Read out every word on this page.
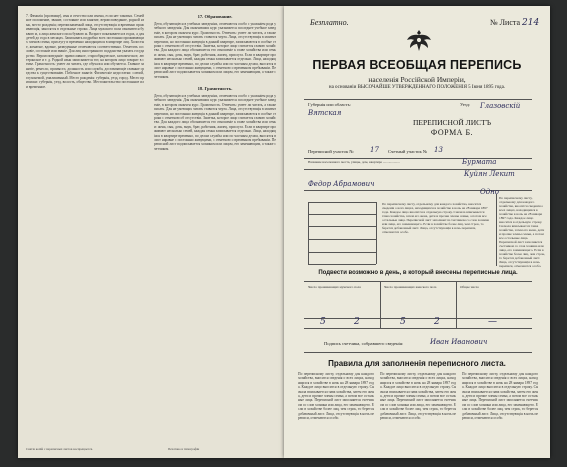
17. Образование.
7. Фамилія (прозвище), имя и отчество или имена, если нет таковых. Семейное положение, звание, состояние или занятие, вероисповедание, родной язык, место рожденія; переписываемый лица, отсутствующія и временно проживающія, заносятся в отдельные строки. Лица мужского пола означаются буквою м, а лица женского пола буквою ж. Возраст показывается в годах, а для детей до года в месяцах. Записывать подробно всех постоянно проживающих членов семьи, прислугу и временно находящихся в квартире лиц. Холостые, женатые, вдовые, разведенные отмечаются соответственно. Отметить сословіе, состояніе или званіе. Для лиц иностранного подданства указать государство. Вероисповеданіе: православное, старообрядческое, католическое, лютеранское и т. д. Родной язык записывается тот, на котором лицо говорит в семье. Грамотность: умеет ли читать, где обучался или обучается. Главное занятіе, ремесло, промысел, должность или служба, доставляющіе главные средства к существованію. Побочное занятіе. Физическіе недостатки: слепой, глухонемой, умалишенный. Место рожденія: губернія, уезд, город. Место приписки: губернія, уезд, волость, общество. Местожительство постоянное или временное.
Дети, обучающіеся в учебных заведеніях, отмечаются особо с указаніем рода учебного заведенія. Для окончивших курс указывается последнее учебное заведеніе, в котором окончен курс. Грамотность. Отвечать: умеет ли читать, а также писать. Для не умеющих читать ставится черта. Лица, отсутствующія в момент переписи, но постоянно живущія в данной квартире, записываются в особые строки с отметкою об отсутствіи. Заметка, которое лицо считается главою хозяйства. Для каждого лица обозначается его отношеніе к главе хозяйства или семьи: жена, сын, дочь, внук, брат, работник, жилец, прислуга. Если в квартире проживают несколько семей, каждая семья записывается отдельно. Лица, находящіяся в квартире временно, по делам службы или по частным делам, вносятся в лист наравне с постоянно живущими, с отметкою о временном пребываніи. Переписной лист подписывается хозяином или лицом, его заменяющим, а также счетчиком.
18. Грамотность.
Дети, обучающіеся в учебных заведеніях, отмечаются особо с указаніем рода учебного заведенія. Для окончивших курс указывается последнее учебное заведеніе, в котором окончен курс. Грамотность. Отвечать: умеет ли читать, а также писать. Для не умеющих читать ставится черта. Лица, отсутствующія в момент переписи, но постоянно живущія в данной квартире, записываются в особые строки с отметкою об отсутствіи. Заметка, которое лицо считается главою хозяйства. Для каждого лица обозначается его отношеніе к главе хозяйства или семьи: жена, сын, дочь, внук, брат, работник, жилец, прислуга. Если в квартире проживают несколько семей, каждая семья записывается отдельно. Лица, находящіяся в квартире временно, по делам службы или по частным делам, вносятся в лист наравне с постоянно живущими, с отметкою о временном пребываніи. Переписной лист подписывается хозяином или лицом, его заменяющим, а также счетчиком.
Снятіе копій с переписных листов воспрещается.	Печатано в типографіи
Безплатно.	№ Листа 214
ПЕРВАЯ ВСЕОБЩАЯ ПЕРЕПИСЬ
населенія Россійской Имперіи,
на основаніи ВЫСОЧАЙШЕ УТВЕРЖДЕННАГО ПОЛОЖЕНІЯ 5 Іюня 1895 года.
Губернія или область:
Вятская
Уезд: Глазовскій
ПЕРЕПИСНОЙ ЛИСТЪ
ФОРМА Б.
Переписной участок № 17 Счетный участок № 13
Название населенного места, улицы, дом, квартира ....................	Бурмата
Куйян Лекит
Федор Абрамович
Одно
По переписному листу, отдельному для каждого хозяйства, вносятся сведенія о всех лицах, находящихся в хозяйстве в ночь на 28 января 1897 года. Каждое лицо вносится в отдельную строку. Сначала вписывается глава хозяйства, затем его жена, дети и прочие члены семьи, а потом все остальные лица. Переписной лист заполняется счетчиком со слов хозяина или лица, его заменяющего. Если в хозяйстве более лиц, чем строк, то берется добавочный лист. Лица, отсутствующія в ночь переписи, отмечаются особо.
По переписному листу, отдельному для каждого хозяйства, вносятся сведенія о всех лицах, находящихся в хозяйстве в ночь на 28 января 1897 года. Каждое лицо вносится в отдельную строку. Сначала вписывается глава хозяйства, затем его жена, дети и прочие члены семьи, а потом все остальные лица. Переписной лист заполняется счетчиком со слов хозяина или лица, его заменяющего. Если в хозяйстве более лиц, чем строк, то берется добавочный лист. Лица, отсутствующія в ночь переписи, отмечаются особо.
Подвести возможно в день, в который внесены переписные лица.
Число проживающих мужского пола	Число проживающих женского пола	Общее число
5	2	5	2	—
Подпись счетчика, собравшего сведенія:	Иван Иванович
Правила для заполненія переписного листа.
По переписному листу, отдельному для каждого хозяйства, вносятся сведенія о всех лицах, находящихся в хозяйстве в ночь на 28 января 1897 года. Каждое лицо вносится в отдельную строку. Сначала вписывается глава хозяйства, затем его жена, дети и прочие члены семьи, а потом все остальные лица. Переписной лист заполняется счетчиком со слов хозяина или лица, его заменяющего. Если в хозяйстве более лиц, чем строк, то берется добавочный лист. Лица, отсутствующія в ночь переписи, отмечаются особо.
По переписному листу, отдельному для каждого хозяйства, вносятся сведенія о всех лицах, находящихся в хозяйстве в ночь на 28 января 1897 года. Каждое лицо вносится в отдельную строку. Сначала вписывается глава хозяйства, затем его жена, дети и прочие члены семьи, а потом все остальные лица. Переписной лист заполняется счетчиком со слов хозяина или лица, его заменяющего. Если в хозяйстве более лиц, чем строк, то берется добавочный лист. Лица, отсутствующія в ночь переписи, отмечаются особо.
По переписному листу, отдельному для каждого хозяйства, вносятся сведенія о всех лицах, находящихся в хозяйстве в ночь на 28 января 1897 года. Каждое лицо вносится в отдельную строку. Сначала вписывается глава хозяйства, затем его жена, дети и прочие члены семьи, а потом все остальные лица. Переписной лист заполняется счетчиком со слов хозяина или лица, его заменяющего. Если в хозяйстве более лиц, чем строк, то берется добавочный лист. Лица, отсутствующія в ночь переписи, отмечаются особо.
